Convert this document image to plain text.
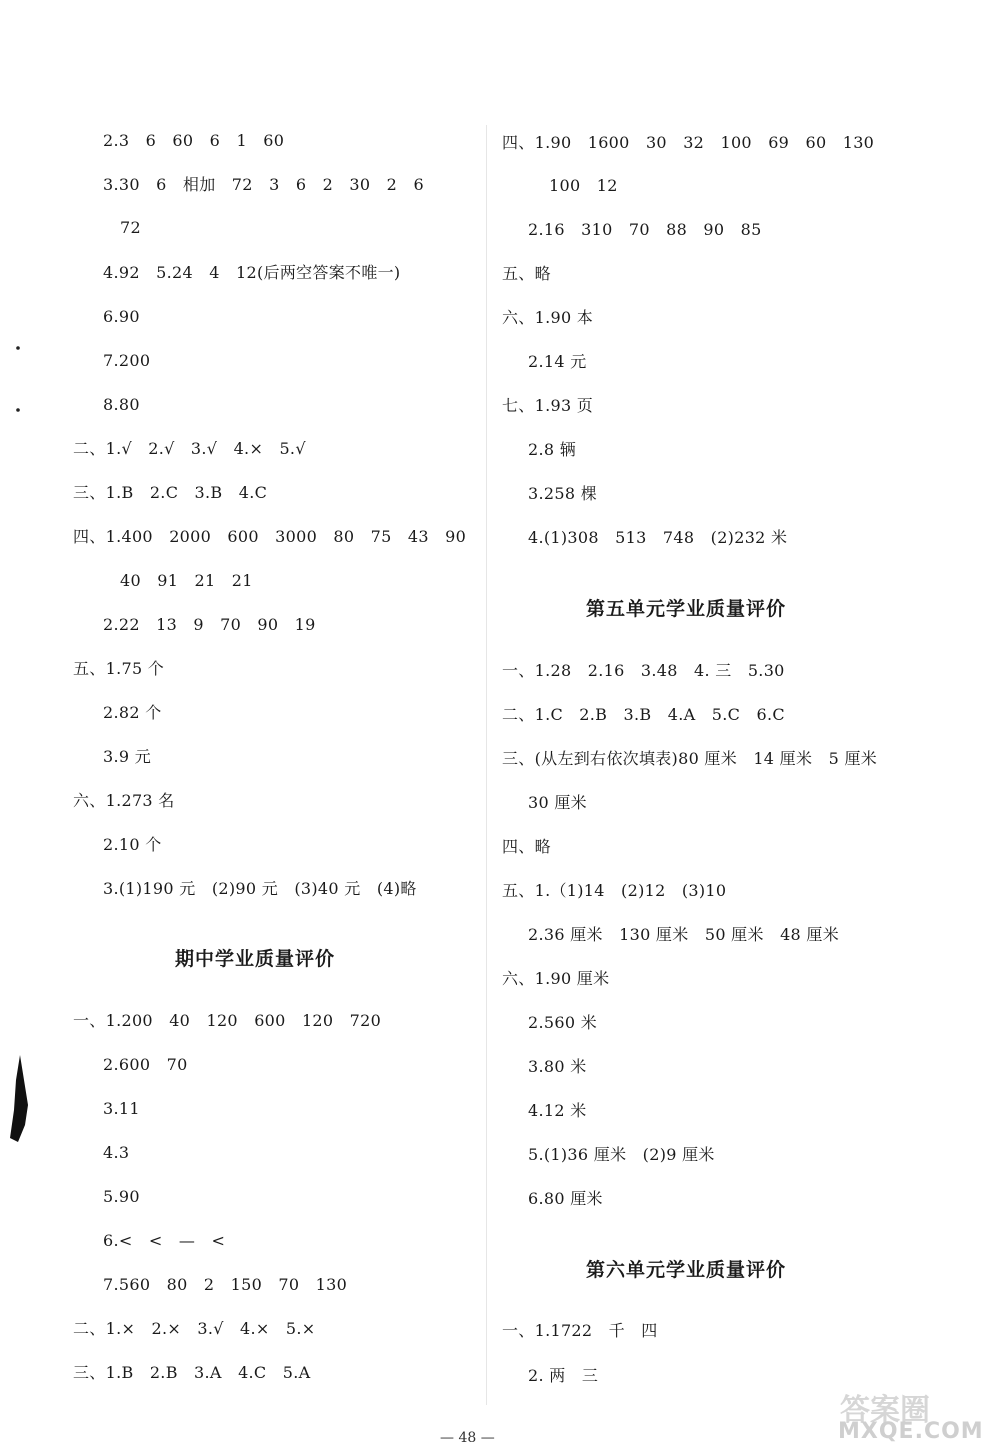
2.3　6　60　6　1　60
3.30　6　相加　72　3　6　2　30　2　6
72
4.92　5.24　4　12(后两空答案不唯一)
6.90
7.200
8.80
二、1.√　2.√　3.√　4.×　5.√
三、1.B　2.C　3.B　4.C
四、1.400　2000　600　3000　80　75　43　90
40　91　21　21
2.22　13　9　70　90　19
五、1.75 个
2.82 个
3.9 元
六、1.273 名
2.10 个
3.(1)190 元　(2)90 元　(3)40 元　(4)略
期中学业质量评价
一、1.200　40　120　600　120　720
2.600　70
3.11
4.3
5.90
6.<　<　—　<
7.560　80　2　150　70　130
二、1.×　2.×　3.√　4.×　5.×
三、1.B　2.B　3.A　4.C　5.A
四、1.90　1600　30　32　100　69　60　130
100　12
2.16　310　70　88　90　85
五、略
六、1.90 本
2.14 元
七、1.93 页
2.8 辆
3.258 棵
4.(1)308　513　748　(2)232 米
第五单元学业质量评价
一、1.28　2.16　3.48　4. 三　5.30
二、1.C　2.B　3.B　4.A　5.C　6.C
三、(从左到右依次填表)80 厘米　14 厘米　5 厘米
30 厘米
四、略
五、1.（1)14　(2)12　(3)10
2.36 厘米　130 厘米　50 厘米　48 厘米
六、1.90 厘米
2.560 米
3.80 米
4.12 米
5.(1)36 厘米　(2)9 厘米
6.80 厘米
第六单元学业质量评价
一、1.1722　千　四
2. 两　三
— 48 —
答案圈
MXQE.COM
